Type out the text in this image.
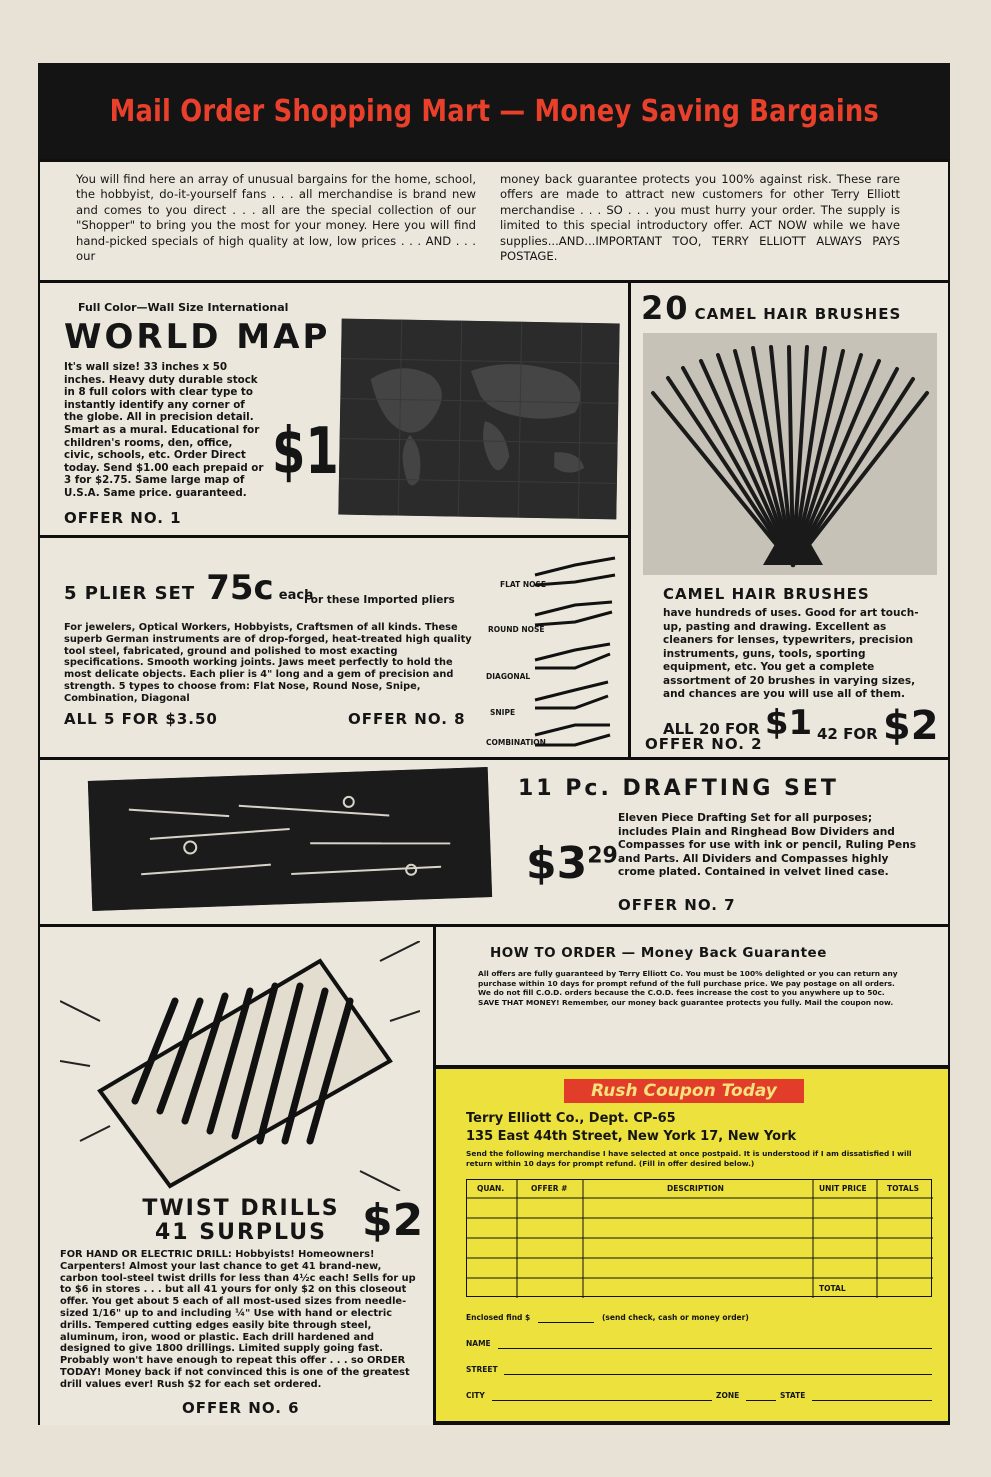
Mail Order Shopping Mart — Money Saving Bargains

You will find here an array of unusual bargains for the home, school, the hobbyist, do-it-yourself fans . . . all merchandise is brand new and comes to you direct . . . all are the special collection of our "Shopper" to bring you the most for your money. Here you will find hand-picked specials of high quality at low, low prices . . . AND . . . our

money back guarantee protects you 100% against risk. These rare offers are made to attract new customers for other Terry Elliott merchandise . . . SO . . . you must hurry your order. The supply is limited to this special introductory offer. ACT NOW while we have supplies...AND...IMPORTANT TOO, TERRY ELLIOTT ALWAYS PAYS POSTAGE.

Full Color—Wall Size International
WORLD MAP

It's wall size! 33 inches x 50 inches. Heavy duty durable stock in 8 full colors with clear type to instantly identify any corner of the globe. All in precision detail. Smart as a mural. Educational for children's rooms, den, office, civic, schools, etc. Order Direct today. Send $1.00 each prepaid or 3 for $2.75. Same large map of U.S.A. Same price. guaranteed.

$1
OFFER NO. 1
20 CAMEL HAIR BRUSHES
CAMEL HAIR BRUSHES

have hundreds of uses. Good for art touch-up, pasting and drawing. Excellent as cleaners for lenses, typewriters, precision instruments, guns, tools, sporting equipment, etc. You get a complete assortment of 20 brushes in varying sizes, and chances are you will use all of them.

ALL 20 FOR $1
OFFER NO. 2
42 FOR $2
5 PLIER SET 75c each
For these Imported pliers

For jewelers, Optical Workers, Hobbyists, Craftsmen of all kinds. These superb German instruments are of drop-forged, heat-treated high quality tool steel, fabricated, ground and polished to most exacting specifications. Smooth working joints. Jaws meet perfectly to hold the most delicate objects. Each plier is 4" long and a gem of precision and strength. 5 types to choose from: Flat Nose, Round Nose, Snipe, Combination, Diagonal

ALL 5 FOR $3.50	OFFER NO. 8
FLAT NOSE
ROUND NOSE
DIAGONAL
SNIPE
COMBINATION
11 Pc. DRAFTING SET

Eleven Piece Drafting Set for all purposes; includes Plain and Ringhead Bow Dividers and Compasses for use with ink or pencil, Ruling Pens and Parts. All Dividers and Compasses highly crome plated. Contained in velvet lined case.

$\$3^{29}$
OFFER NO. 7
TWIST DRILLS
41 SURPLUS $2

FOR HAND OR ELECTRIC DRILL: Hobbyists! Homeowners! Carpenters! Almost your last chance to get 41 brand-new, carbon tool-steel twist drills for less than 4½c each! Sells for up to $6 in stores . . . but all 41 yours for only $2 on this closeout offer. You get about 5 each of all most-used sizes from needle-sized 1/16" up to and including ¼" Use with hand or electric drills. Tempered cutting edges easily bite through steel, aluminum, iron, wood or plastic. Each drill hardened and designed to give 1800 drillings. Limited supply going fast. Probably won't have enough to repeat this offer . . . so ORDER TODAY! Money back if not convinced this is one of the greatest drill values ever! Rush $2 for each set ordered.

OFFER NO. 6
HOW TO ORDER — Money Back Guarantee

All offers are fully guaranteed by Terry Elliott Co. You must be 100% delighted or you can return any purchase within 10 days for prompt refund of the full purchase price. We pay postage on all orders. We do not fill C.O.D. orders because the C.O.D. fees increase the cost to you anywhere up to 50c. SAVE THAT MONEY! Remember, our money back guarantee protects you fully. Mail the coupon now.

Rush Coupon Today
Terry Elliott Co., Dept. CP-65
135 East 44th Street, New York 17, New York

Send the following merchandise I have selected at once postpaid. It is understood if I am dissatisfied I will return within 10 days for prompt refund. (Fill in offer desired below.)

QUAN.	OFFER #	DESCRIPTION	UNIT PRICE	TOTALS
TOTAL
Enclosed find $	(send check, cash or money order)
NAME
STREET
CITY	ZONE	STATE
